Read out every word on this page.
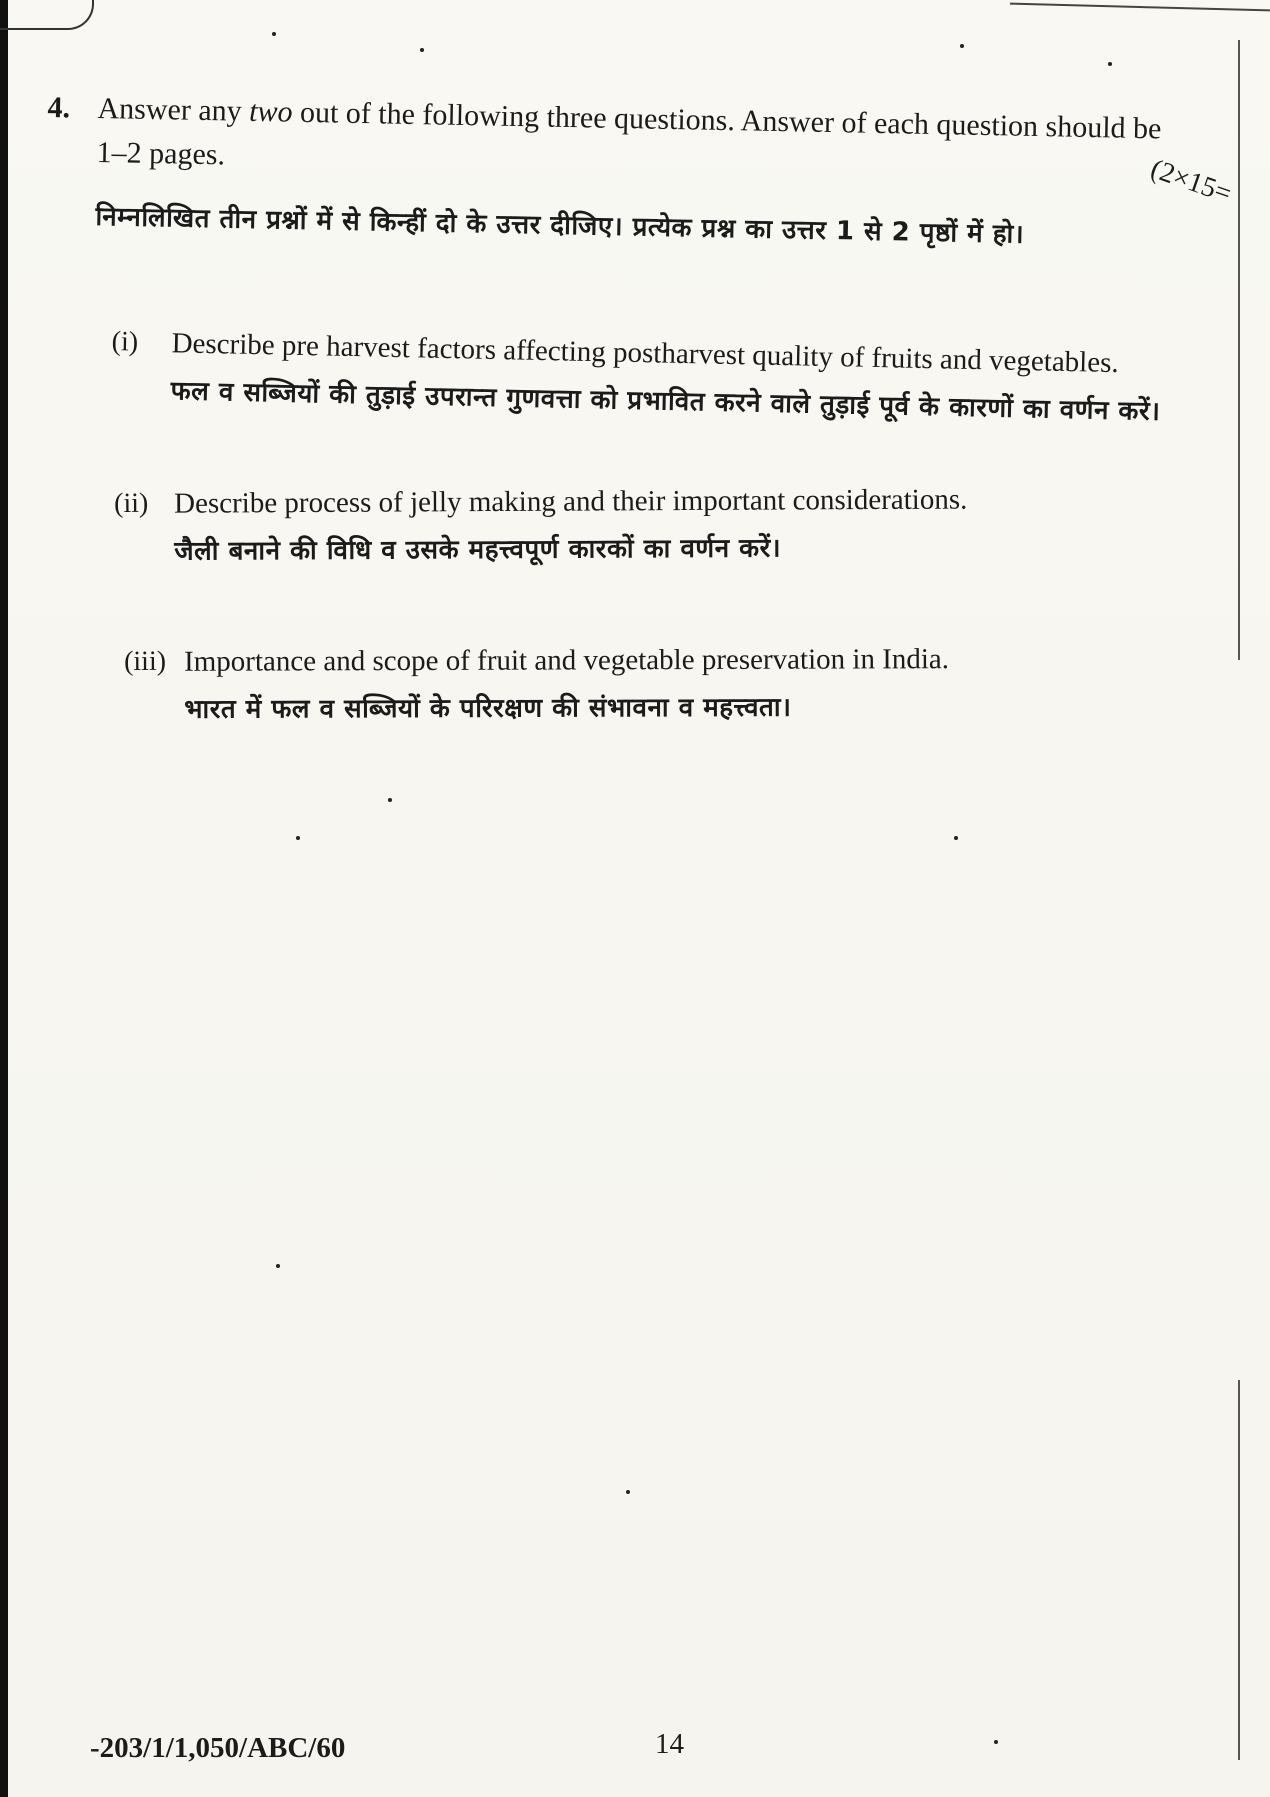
4. Answer any two out of the following three questions. Answer of each question should be
1–2 pages.	(2×15=
निम्नलिखित तीन प्रश्नों में से किन्हीं दो के उत्तर दीजिए। प्रत्येक प्रश्न का उत्तर 1 से 2 पृष्ठों में हो।
(i) Describe pre harvest factors affecting postharvest quality of fruits and vegetables.
फल व सब्जियों की तुड़ाई उपरान्त गुणवत्ता को प्रभावित करने वाले तुड़ाई पूर्व के कारणों का वर्णन करें।
(ii) Describe process of jelly making and their important considerations.
जैली बनाने की विधि व उसके महत्त्वपूर्ण कारकों का वर्णन करें।
(iii) Importance and scope of fruit and vegetable preservation in India.
भारत में फल व सब्जियों के परिरक्षण की संभावना व महत्त्वता।
-203/1/1,050/ABC/60	14
